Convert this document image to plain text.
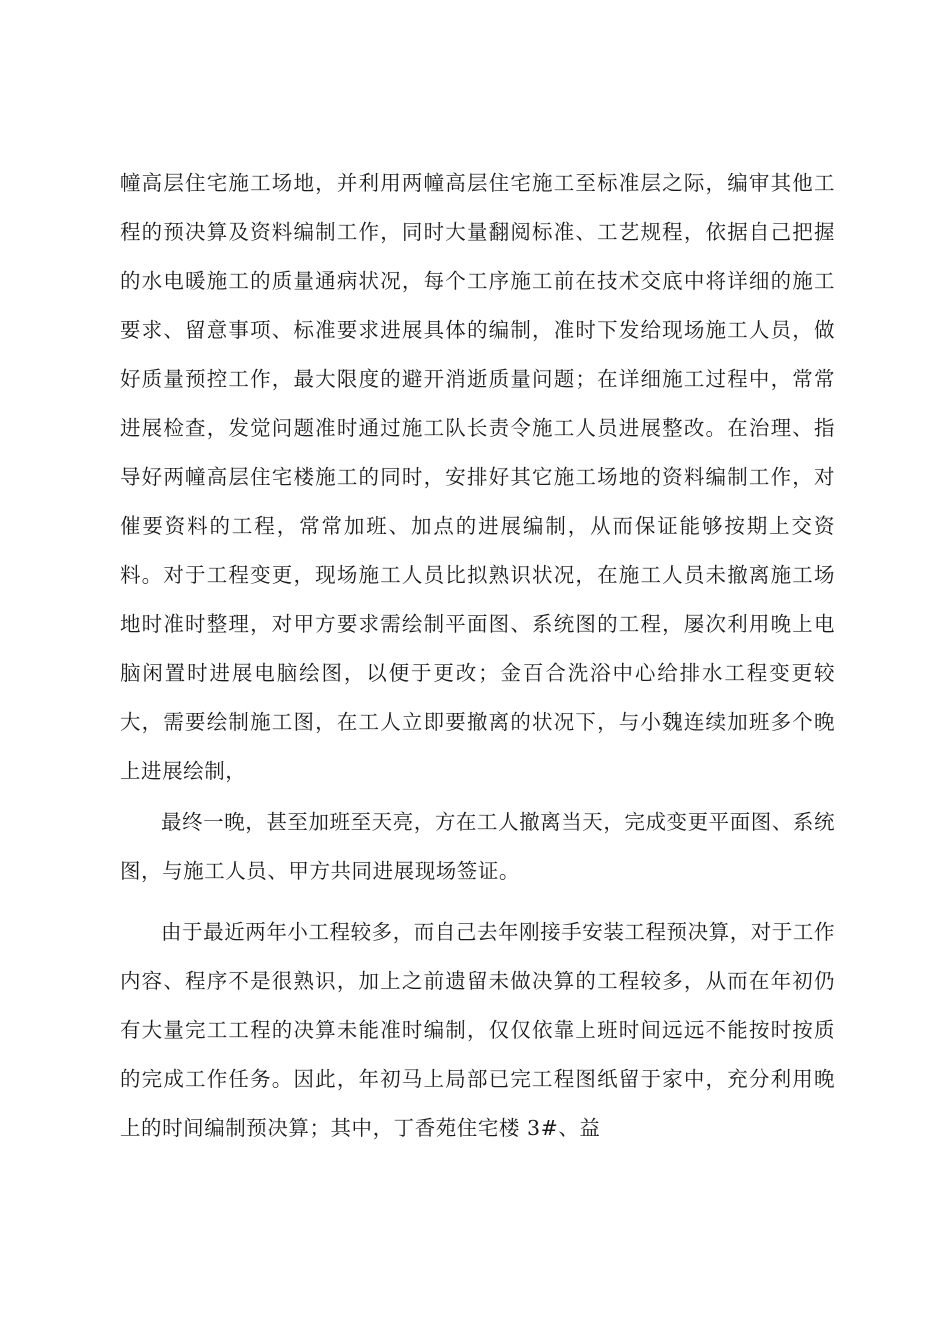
幢高层住宅施工场地，并利用两幢高层住宅施工至标准层之际，编审其他工程的预决算及资料编制工作，同时大量翻阅标准、工艺规程，依据自己把握的水电暖施工的质量通病状况，每个工序施工前在技术交底中将详细的施工要求、留意事项、标准要求进展具体的编制，准时下发给现场施工人员，做好质量预控工作，最大限度的避开消逝质量问题；在详细施工过程中，常常进展检查，发觉问题准时通过施工队长责令施工人员进展整改。在治理、指导好两幢高层住宅楼施工的同时，安排好其它施工场地的资料编制工作，对催要资料的工程，常常加班、加点的进展编制，从而保证能够按期上交资料。对于工程变更，现场施工人员比拟熟识状况，在施工人员未撤离施工场地时准时整理，对甲方要求需绘制平面图、系统图的工程，屡次利用晚上电脑闲置时进展电脑绘图，以便于更改；金百合洗浴中心给排水工程变更较大，需要绘制施工图，在工人立即要撤离的状况下，与小魏连续加班多个晚上进展绘制，

最终一晚，甚至加班至天亮，方在工人撤离当天，完成变更平面图、系统图，与施工人员、甲方共同进展现场签证。

由于最近两年小工程较多，而自己去年刚接手安装工程预决算，对于工作内容、程序不是很熟识，加上之前遗留未做决算的工程较多，从而在年初仍有大量完工工程的决算未能准时编制，仅仅依靠上班时间远远不能按时按质的完成工作任务。因此，年初马上局部已完工程图纸留于家中，充分利用晚上的时间编制预决算；其中，丁香苑住宅楼 3#、益
